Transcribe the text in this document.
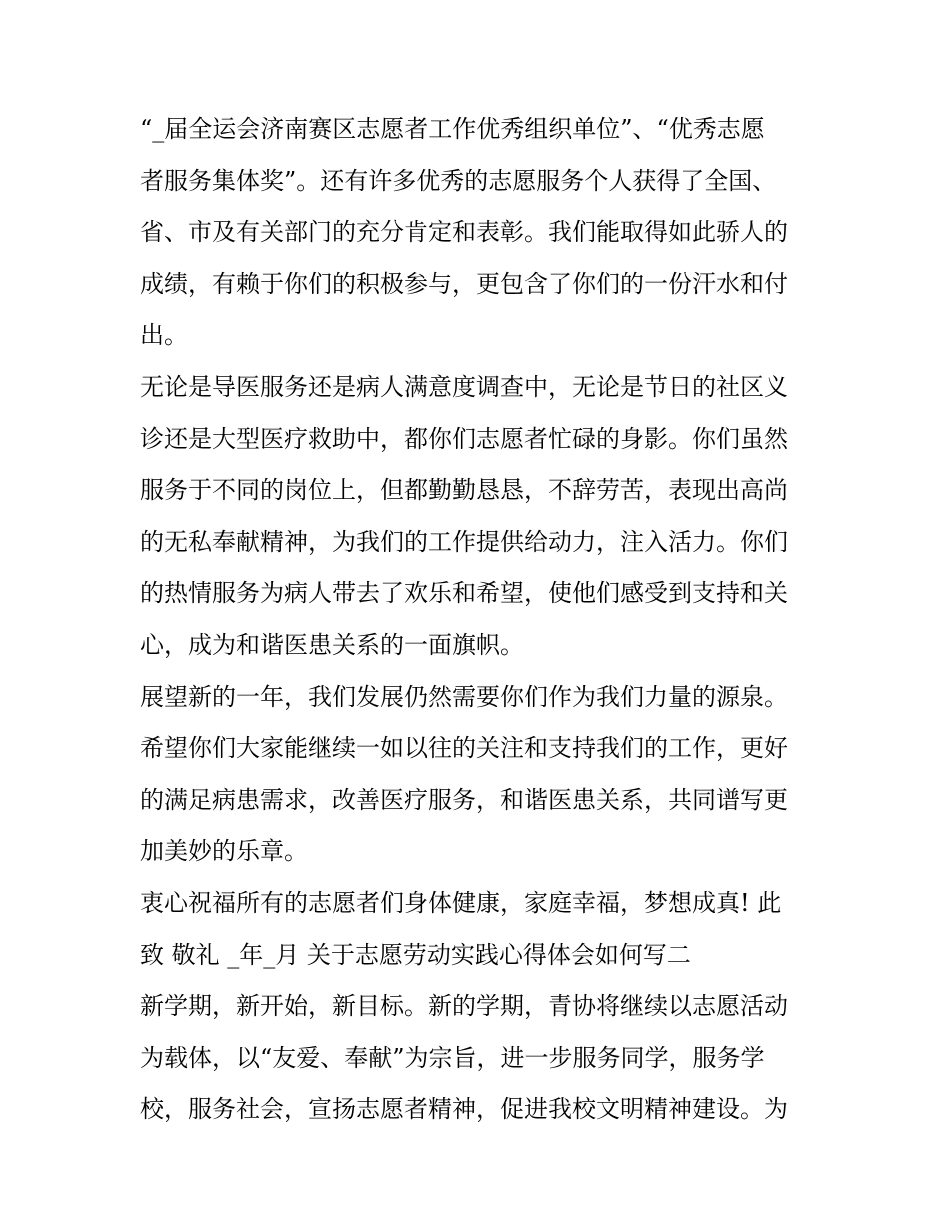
“_届全运会济南赛区志愿者工作优秀组织单位”、“优秀志愿
者服务集体奖”。还有许多优秀的志愿服务个人获得了全国、
省、市及有关部门的充分肯定和表彰。我们能取得如此骄人的
成绩，有赖于你们的积极参与，更包含了你们的一份汗水和付
出。
无论是导医服务还是病人满意度调查中，无论是节日的社区义
诊还是大型医疗救助中，都你们志愿者忙碌的身影。你们虽然
服务于不同的岗位上，但都勤勤恳恳，不辞劳苦，表现出高尚
的无私奉献精神，为我们的工作提供给动力，注入活力。你们
的热情服务为病人带去了欢乐和希望，使他们感受到支持和关
心，成为和谐医患关系的一面旗帜。
展望新的一年，我们发展仍然需要你们作为我们力量的源泉。
希望你们大家能继续一如以往的关注和支持我们的工作，更好
的满足病患需求，改善医疗服务，和谐医患关系，共同谱写更
加美妙的乐章。
衷心祝福所有的志愿者们身体健康，家庭幸福，梦想成真! 此
致 敬礼 _年_月 关于志愿劳动实践心得体会如何写二
新学期，新开始，新目标。新的学期，青协将继续以志愿活动
为载体，以“友爱、奉献”为宗旨，进一步服务同学，服务学
校，服务社会，宣扬志愿者精神，促进我校文明精神建设。为
